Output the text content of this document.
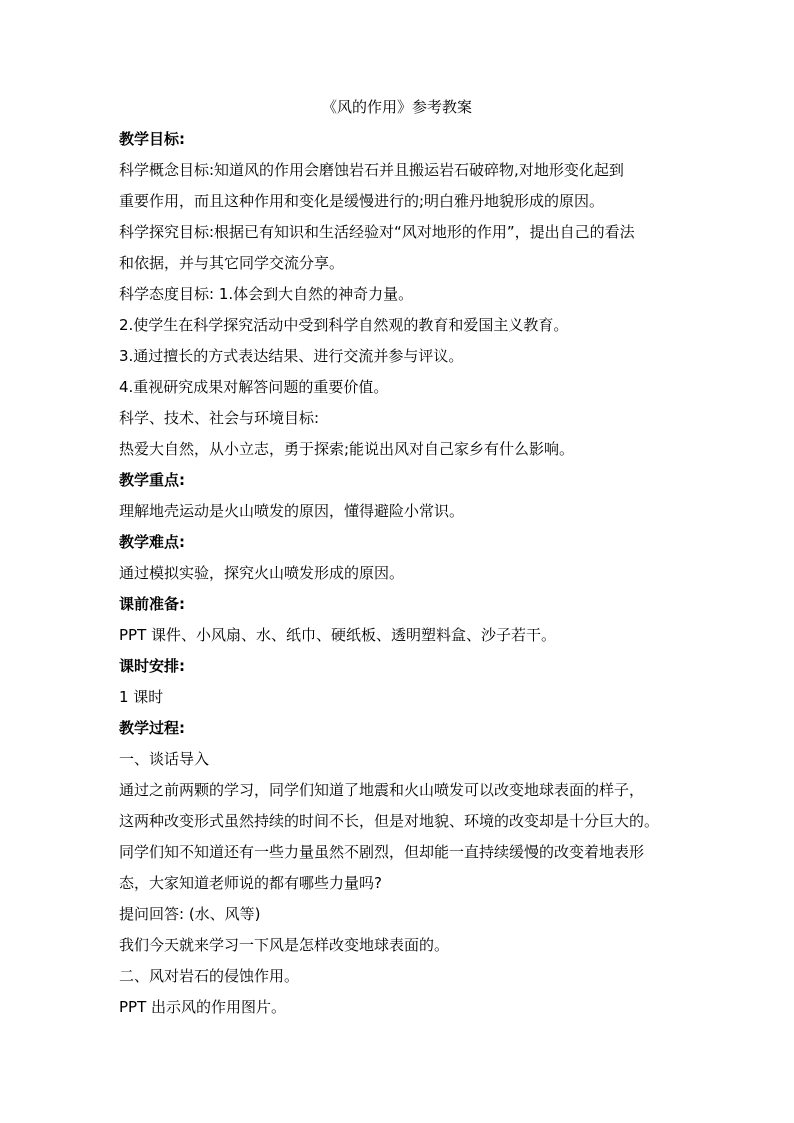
《风的作用》参考教案
教学目标:
科学概念目标:知道风的作用会磨蚀岩石并且搬运岩石破碎物,对地形变化起到
重要作用，而且这种作用和变化是缓慢进行的;明白雅丹地貌形成的原因。
科学探究目标:根据已有知识和生活经验对“风对地形的作用”，提出自己的看法
和依据，并与其它同学交流分享。
科学态度目标: 1.体会到大自然的神奇力量。
2.使学生在科学探究活动中受到科学自然观的教育和爱国主义教育。
3.通过擅长的方式表达结果、进行交流并参与评议。
4.重视研究成果对解答问题的重要价值。
科学、技术、社会与环境目标:
热爱大自然，从小立志，勇于探索;能说出风对自己家乡有什么影响。
教学重点:
理解地壳运动是火山喷发的原因，懂得避险小常识。
教学难点:
通过模拟实验，探究火山喷发形成的原因。
课前准备:
PPT 课件、小风扇、水、纸巾、硬纸板、透明塑料盒、沙子若干。
课时安排:
1 课时
教学过程:
一、谈话导入
通过之前两颗的学习，同学们知道了地震和火山喷发可以改变地球表面的样子，
这两种改变形式虽然持续的时间不长，但是对地貌、环境的改变却是十分巨大的。
同学们知不知道还有一些力量虽然不剧烈，但却能一直持续缓慢的改变着地表形
态，大家知道老师说的都有哪些力量吗?
提问回答: (水、风等)
我们今天就来学习一下风是怎样改变地球表面的。
二、风对岩石的侵蚀作用。
PPT 出示风的作用图片。
